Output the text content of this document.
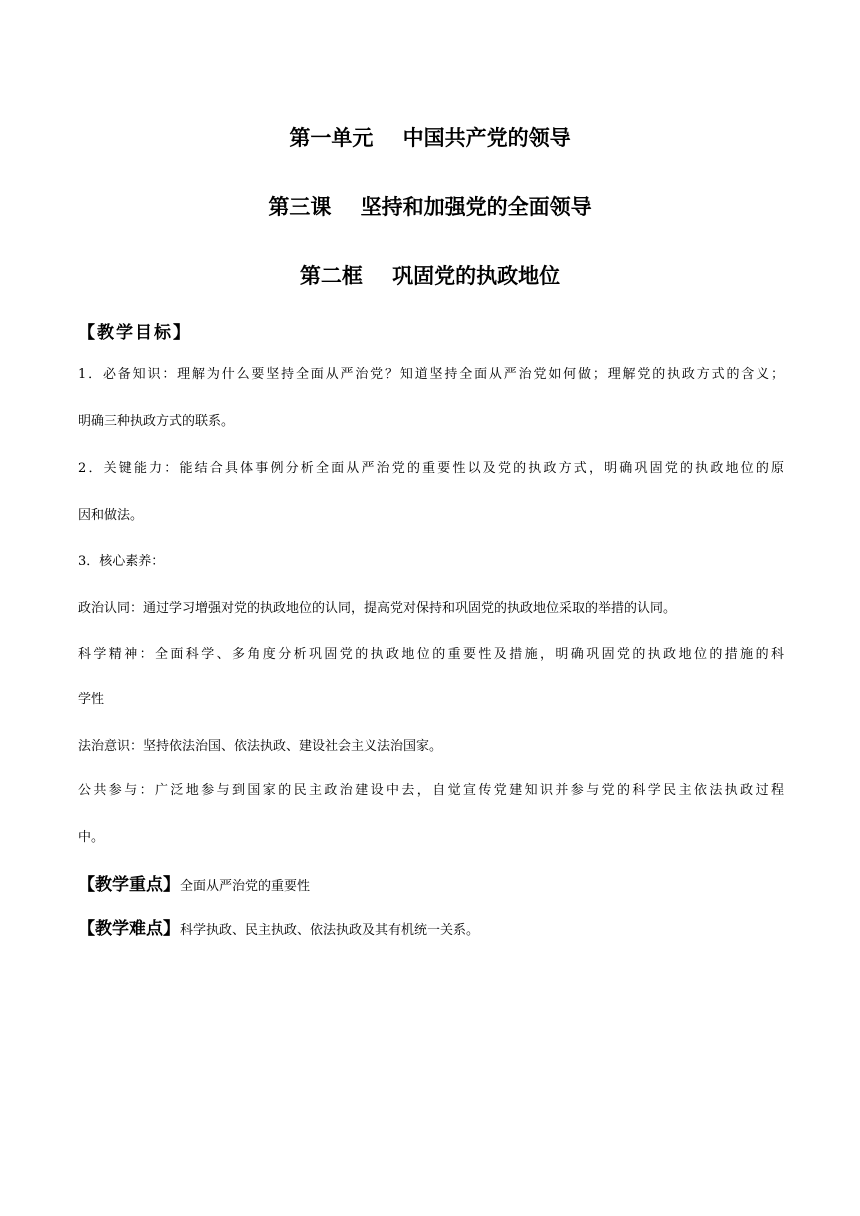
第一单元    中国共产党的领导
第三课    坚持和加强党的全面领导
第二框    巩固党的执政地位
【教学目标】
1．必备知识：理解为什么要坚持全面从严治党？知道坚持全面从严治党如何做；理解党的执政方式的含义；
明确三种执政方式的联系。
2．关键能力：能结合具体事例分析全面从严治党的重要性以及党的执政方式，明确巩固党的执政地位的原
因和做法。
3．核心素养：
政治认同：通过学习增强对党的执政地位的认同，提高党对保持和巩固党的执政地位采取的举措的认同。
科学精神：全面科学、多角度分析巩固党的执政地位的重要性及措施，明确巩固党的执政地位的措施的科
学性
法治意识：坚持依法治国、依法执政、建设社会主义法治国家。
公共参与：广泛地参与到国家的民主政治建设中去，自觉宣传党建知识并参与党的科学民主依法执政过程
中。
【教学重点】全面从严治党的重要性
【教学难点】科学执政、民主执政、依法执政及其有机统一关系。
